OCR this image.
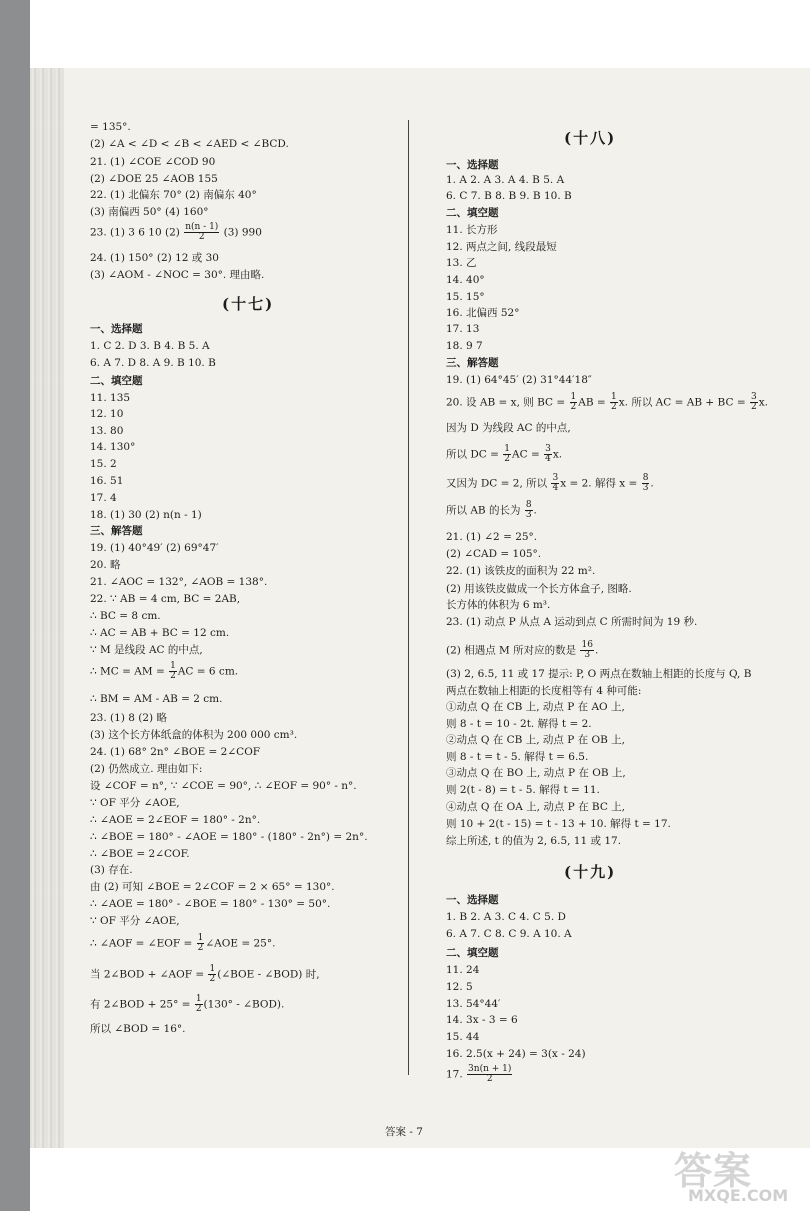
= 135°.
(2) ∠A < ∠D < ∠B < ∠AED < ∠BCD.
21. (1) ∠COE ∠COD 90
(2) ∠DOE 25 ∠AOB 155
22. (1) 北偏东 70° (2) 南偏东 40°
(3) 南偏西 50° (4) 160°
23. (1) 3 6 10 $(2) \frac{n(n - 1)}{2} (3)$ 990
24. (1) 150° (2) 12 或 30
(3) ∠AOM - ∠NOC = 30°. 理由略.
(十七)
一、选择题
1. C 2. D 3. B 4. B 5. A
6. A 7. D 8. A 9. B 10. B
二、填空题
11. 135
12. 10
13. 80
14. 130°
15. 2
16. 51
17. 4
18. (1) 30 (2) n(n - 1)
三、解答题
19. (1) 40°49′ (2) 69°47′
20. 略
21. ∠AOC = 132°, ∠AOB = 138°.
22. ∵ AB = 4 cm, BC = 2AB,
∴ BC = 8 cm.
∴ AC = AB + BC = 12 cm.
∵ M 是线段 AC 的中点,
∴ MC = AM = $\frac{1}{2}$ AC = 6 cm.
∴ BM = AM - AB = 2 cm.
23. (1) 8 (2) 略
(3) 这个长方体纸盒的体积为 200 000 cm³.
24. (1) 68° 2n° ∠BOE = 2∠COF
(2) 仍然成立. 理由如下:
设 ∠COF = n°, ∵ ∠COE = 90°, ∴ ∠EOF = 90° - n°.
∵ OF 平分 ∠AOE,
∴ ∠AOE = 2∠EOF = 180° - 2n°.
∴ ∠BOE = 180° - ∠AOE = 180° - (180° - 2n°) = 2n°.
∴ ∠BOE = 2∠COF.
(3) 存在.
由 (2) 可知 ∠BOE = 2∠COF = 2 × 65° = 130°.
∴ ∠AOE = 180° - ∠BOE = 180° - 130° = 50°.
∵ OF 平分 ∠AOE,
∴ ∠AOF = ∠EOF = $\frac{1}{2}$ ∠AOE = 25°.
当 2∠BOD + ∠AOF = $\frac{1}{2}$ (∠BOE - ∠BOD) 时,
有 2∠BOD + $25^\circ = \frac{1}{2} (130^\circ$ - ∠BOD).
所以 ∠BOD = 16°.
(十八)
一、选择题
1. A 2. A 3. A 4. B 5. A
6. C 7. B 8. B 9. B 10. B
二、填空题
11. 长方形
12. 两点之间, 线段最短
13. 乙
14. 40°
15. 15°
16. 北偏西 52°
17. 13
18. 9 7
三、解答题
19. (1) 64°45′ (2) 31°44′18″
20. 设 AB = x, 则 BC = $\frac{1}{2}$ AB = $\frac{1}{2} x$. 所以 AC = AB + BC = $\frac{3}{2} x$.
因为 D 为线段 AC 的中点,
所以 DC = $\frac{1}{2}$ AC = $\frac{3}{4} x$.
又因为 DC = 2, 所以 $\frac{3}{4}$ x = 2. 解得 $x = \frac{8}{3}$ .
所以 AB 的长为 $\frac{8}{3}$ .
21. (1) ∠2 = 25°.
(2) ∠CAD = 105°.
22. (1) 该铁皮的面积为 22 m².
(2) 用该铁皮做成一个长方体盒子, 图略.
长方体的体积为 6 m³.
23. (1) 动点 P 从点 A 运动到点 C 所需时间为 19 秒.
(2) 相遇点 M 所对应的数是 $\frac{16}{3}$ .
(3) 2, 6.5, 11 或 17 提示: P, O 两点在数轴上相距的长度与 Q, B
两点在数轴上相距的长度相等有 4 种可能:
①动点 Q 在 CB 上, 动点 P 在 AO 上,
则 8 - t = 10 - 2t. 解得 t = 2.
②动点 Q 在 CB 上, 动点 P 在 OB 上,
则 8 - t = t - 5. 解得 t = 6.5.
③动点 Q 在 BO 上, 动点 P 在 OB 上,
则 2(t - 8) = t - 5. 解得 t = 11.
④动点 Q 在 OA 上, 动点 P 在 BC 上,
则 10 + 2(t - 15) = t - 13 + 10. 解得 t = 17.
综上所述, t 的值为 2, 6.5, 11 或 17.
(十九)
一、选择题
1. B 2. A 3. C 4. C 5. D
6. A 7. C 8. C 9. A 10. A
二、填空题
11. 24
12. 5
13. 54°44′
14. 3x - 3 = 6
15. 44
16. 2.5(x + 24) = 3(x - 24)
17. $\frac{3n(n + 1)}{2}$
答案 - 7
答案
MXQE.COM
